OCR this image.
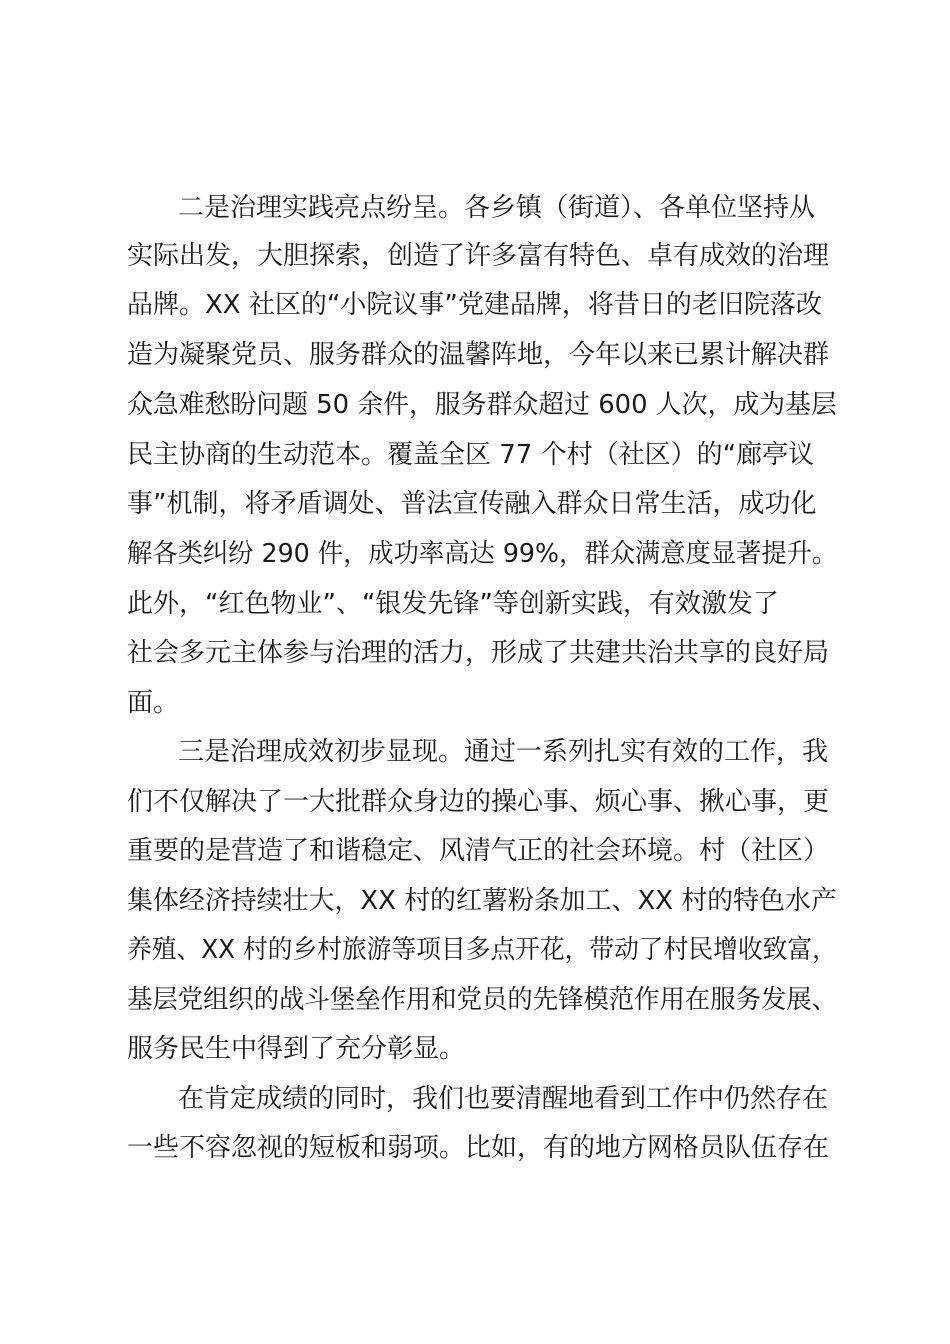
二是治理实践亮点纷呈。各乡镇（街道）、各单位坚持从
实际出发，大胆探索，创造了许多富有特色、卓有成效的治理
品牌。XX 社区的“小院议事”党建品牌，将昔日的老旧院落改
造为凝聚党员、服务群众的温馨阵地，今年以来已累计解决群
众急难愁盼问题 50 余件，服务群众超过 600 人次，成为基层
民主协商的生动范本。覆盖全区 77 个村（社区）的“廊亭议
事”机制，将矛盾调处、普法宣传融入群众日常生活，成功化
解各类纠纷 290 件，成功率高达 99%，群众满意度显著提升。
此外，“红色物业”、“银发先锋”等创新实践，有效激发了
社会多元主体参与治理的活力，形成了共建共治共享的良好局
面。
三是治理成效初步显现。通过一系列扎实有效的工作，我
们不仅解决了一大批群众身边的操心事、烦心事、揪心事，更
重要的是营造了和谐稳定、风清气正的社会环境。村（社区）
集体经济持续壮大，XX 村的红薯粉条加工、XX 村的特色水产
养殖、XX 村的乡村旅游等项目多点开花，带动了村民增收致富，
基层党组织的战斗堡垒作用和党员的先锋模范作用在服务发展、
服务民生中得到了充分彰显。
在肯定成绩的同时，我们也要清醒地看到工作中仍然存在
一些不容忽视的短板和弱项。比如，有的地方网格员队伍存在
